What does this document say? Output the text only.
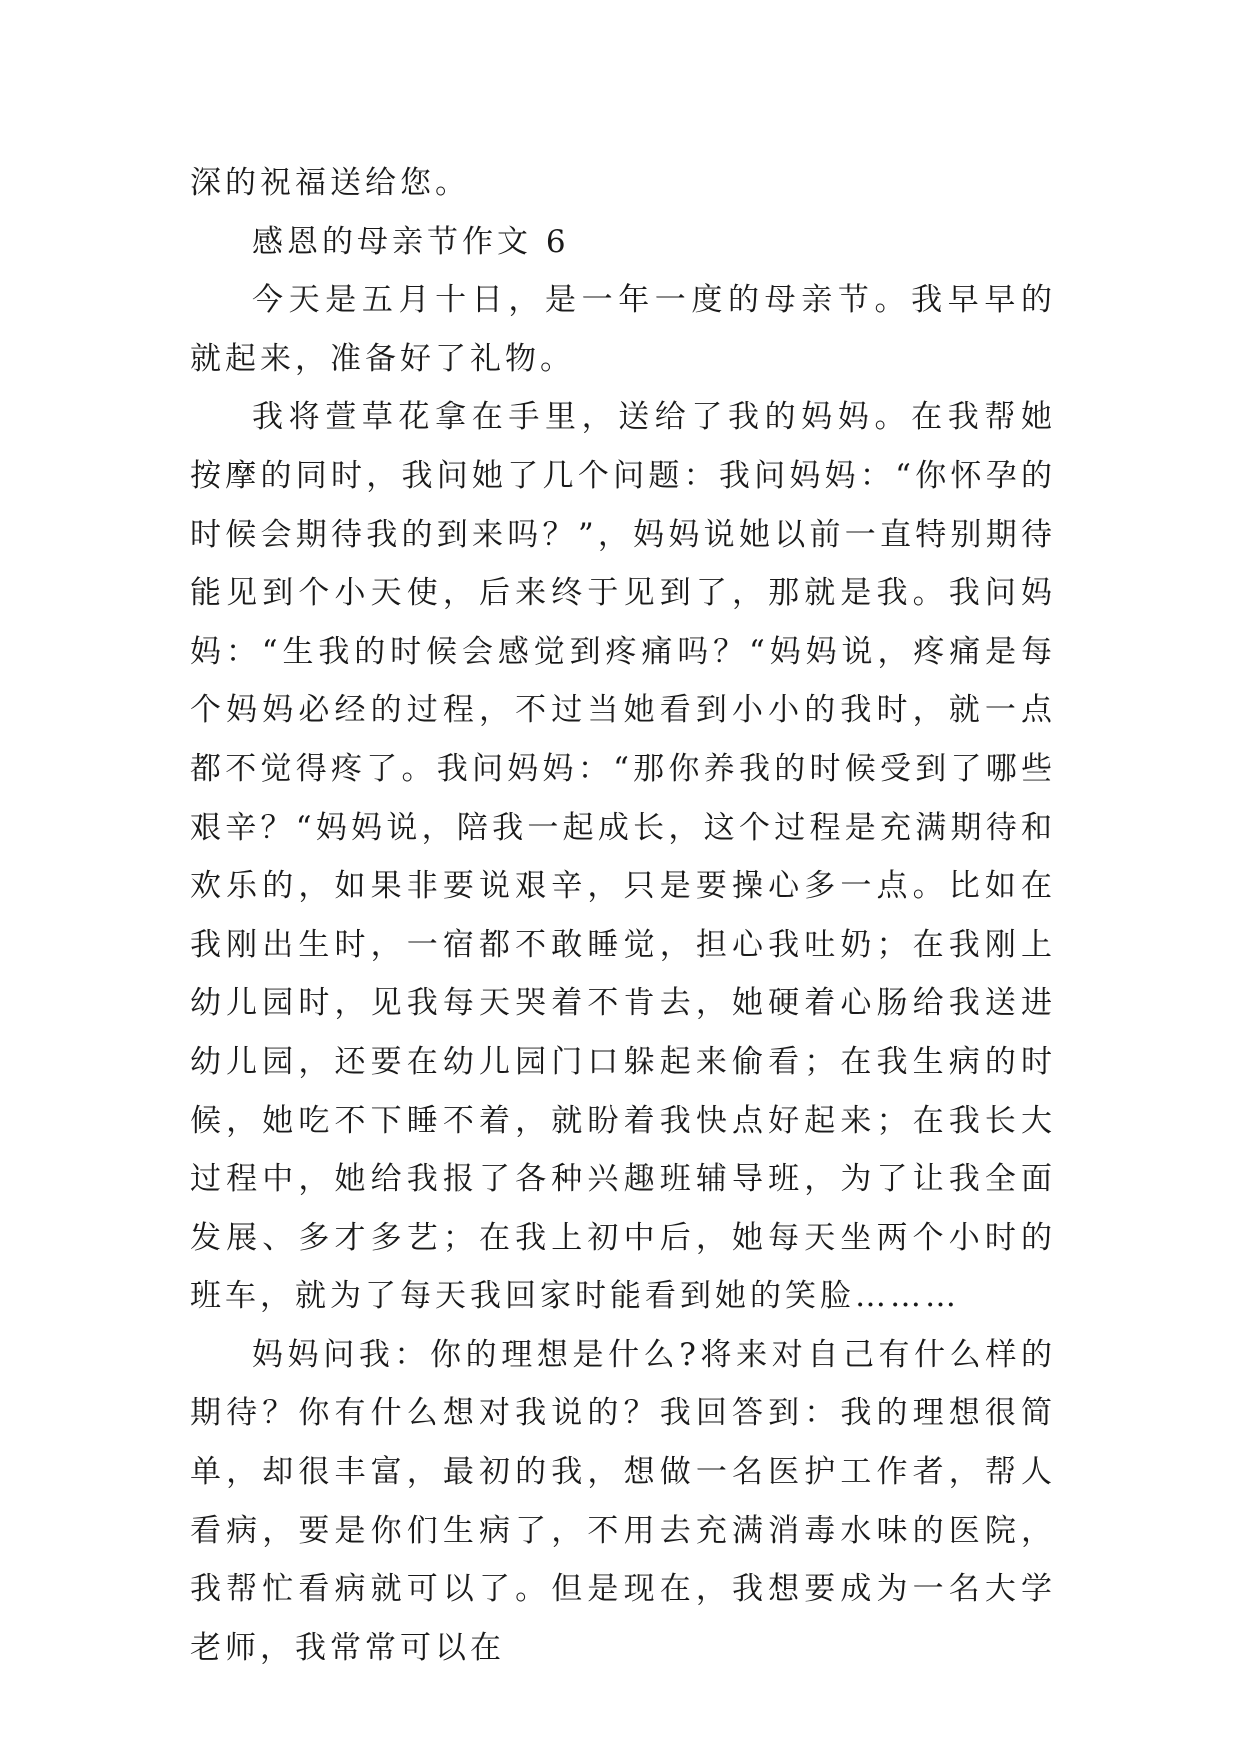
深的祝福送给您。

感恩的母亲节作文 6

今天是五月十日，是一年一度的母亲节。我早早的就起来，准备好了礼物。

我将萱草花拿在手里，送给了我的妈妈。在我帮她按摩的同时，我问她了几个问题：我问妈妈：“你怀孕的时候会期待我的到来吗？”，妈妈说她以前一直特别期待能见到个小天使，后来终于见到了，那就是我。我问妈妈：“生我的时候会感觉到疼痛吗？“妈妈说，疼痛是每个妈妈必经的过程，不过当她看到小小的我时，就一点都不觉得疼了。我问妈妈：“那你养我的时候受到了哪些艰辛？“妈妈说，陪我一起成长，这个过程是充满期待和欢乐的，如果非要说艰辛，只是要操心多一点。比如在我刚出生时，一宿都不敢睡觉，担心我吐奶；在我刚上幼儿园时，见我每天哭着不肯去，她硬着心肠给我送进幼儿园，还要在幼儿园门口躲起来偷看；在我生病的时候，她吃不下睡不着，就盼着我快点好起来；在我长大过程中，她给我报了各种兴趣班辅导班，为了让我全面发展、多才多艺；在我上初中后，她每天坐两个小时的班车，就为了每天我回家时能看到她的笑脸………

妈妈问我：你的理想是什么?将来对自己有什么样的期待？你有什么想对我说的？我回答到：我的理想很简单，却很丰富，最初的我，想做一名医护工作者，帮人看病，要是你们生病了，不用去充满消毒水味的医院，我帮忙看病就可以了。但是现在，我想要成为一名大学老师，我常常可以在
